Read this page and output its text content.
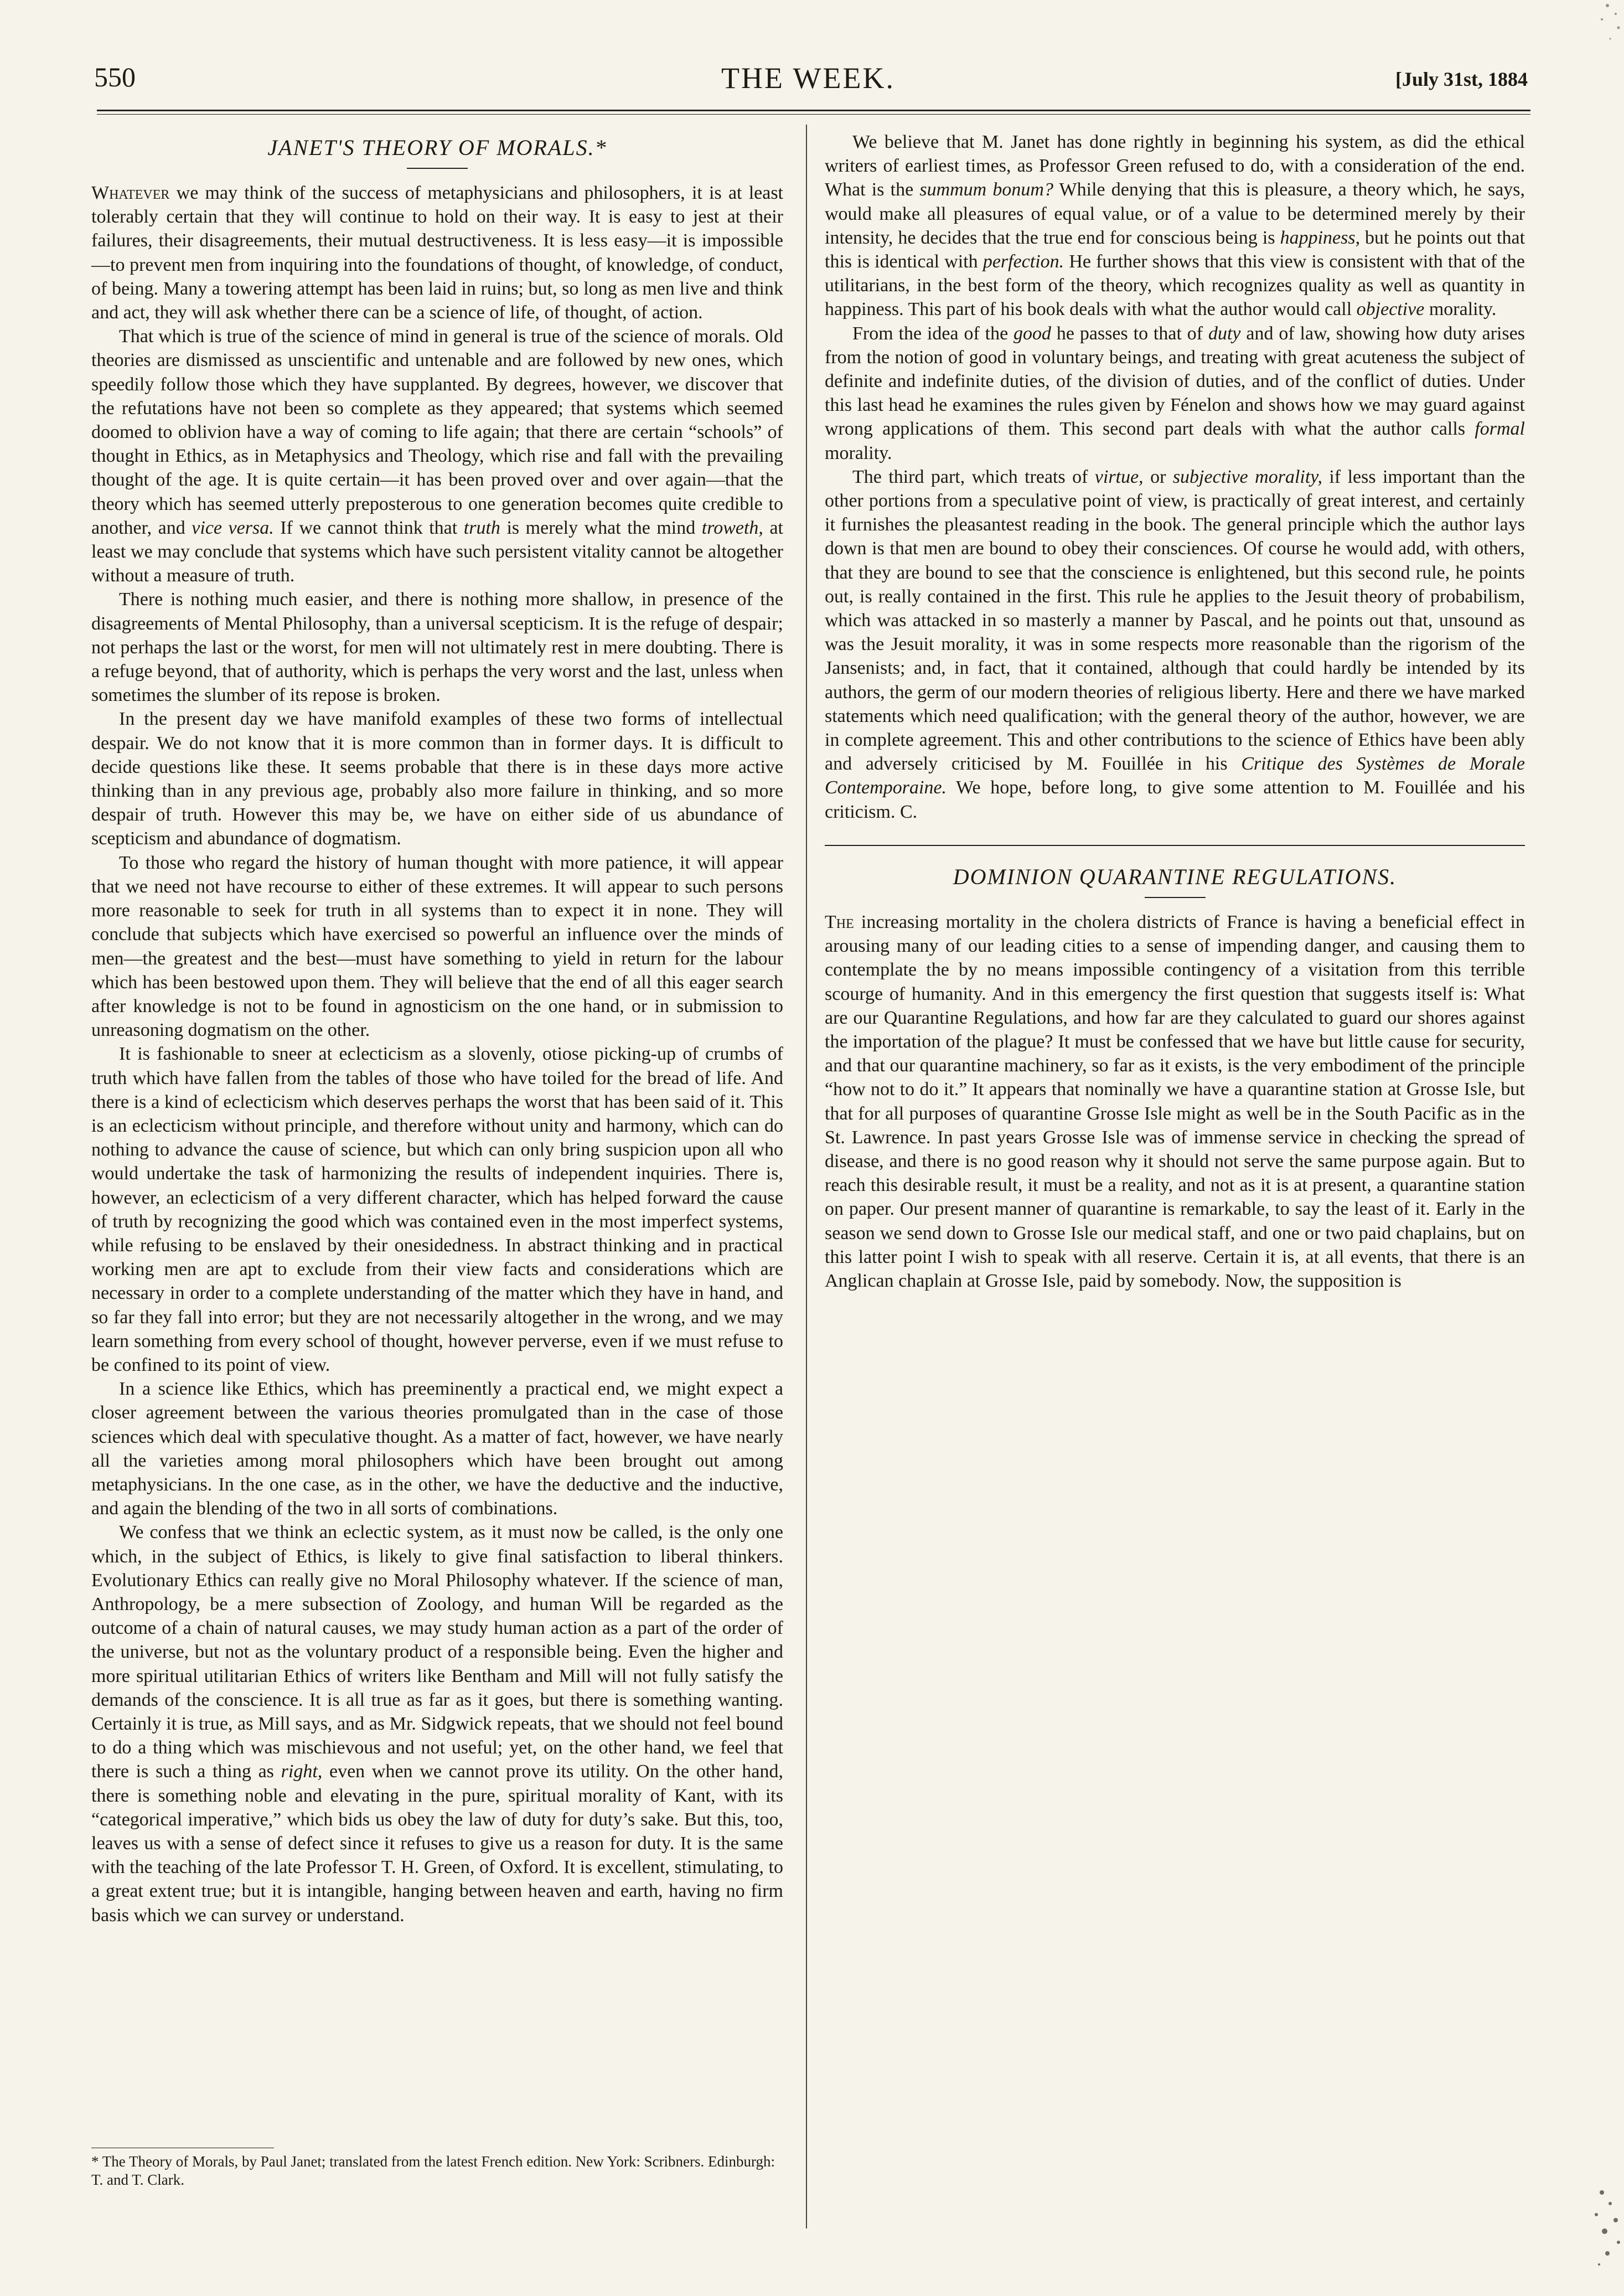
550	THE WEEK.	[July 31st, 1884
JANET'S THEORY OF MORALS.*

Whatever we may think of the success of metaphysicians and philosophers, it is at least tolerably certain that they will continue to hold on their way. It is easy to jest at their failures, their disagreements, their mutual destructiveness. It is less easy—it is impossible—to prevent men from inquiring into the foundations of thought, of knowledge, of conduct, of being. Many a towering attempt has been laid in ruins; but, so long as men live and think and act, they will ask whether there can be a science of life, of thought, of action.

That which is true of the science of mind in general is true of the science of morals. Old theories are dismissed as unscientific and untenable and are followed by new ones, which speedily follow those which they have supplanted. By degrees, however, we discover that the refutations have not been so complete as they appeared; that systems which seemed doomed to oblivion have a way of coming to life again; that there are certain “schools” of thought in Ethics, as in Metaphysics and Theology, which rise and fall with the prevailing thought of the age. It is quite certain—it has been proved over and over again—that the theory which has seemed utterly preposterous to one generation becomes quite credible to another, and vice versa. If we cannot think that truth is merely what the mind troweth, at least we may conclude that systems which have such persistent vitality cannot be altogether without a measure of truth.

There is nothing much easier, and there is nothing more shallow, in presence of the disagreements of Mental Philosophy, than a universal scepticism. It is the refuge of despair; not perhaps the last or the worst, for men will not ultimately rest in mere doubting. There is a refuge beyond, that of authority, which is perhaps the very worst and the last, unless when sometimes the slumber of its repose is broken.

In the present day we have manifold examples of these two forms of intellectual despair. We do not know that it is more common than in former days. It is difficult to decide questions like these. It seems probable that there is in these days more active thinking than in any previous age, probably also more failure in thinking, and so more despair of truth. However this may be, we have on either side of us abundance of scepticism and abundance of dogmatism.

To those who regard the history of human thought with more patience, it will appear that we need not have recourse to either of these extremes. It will appear to such persons more reasonable to seek for truth in all systems than to expect it in none. They will conclude that subjects which have exercised so powerful an influence over the minds of men—the greatest and the best—must have something to yield in return for the labour which has been bestowed upon them. They will believe that the end of all this eager search after knowledge is not to be found in agnosticism on the one hand, or in submission to unreasoning dogmatism on the other.

It is fashionable to sneer at eclecticism as a slovenly, otiose picking-up of crumbs of truth which have fallen from the tables of those who have toiled for the bread of life. And there is a kind of eclecticism which deserves perhaps the worst that has been said of it. This is an eclecticism without principle, and therefore without unity and harmony, which can do nothing to advance the cause of science, but which can only bring suspicion upon all who would undertake the task of harmonizing the results of independent inquiries. There is, however, an eclecticism of a very different character, which has helped forward the cause of truth by recognizing the good which was contained even in the most imperfect systems, while refusing to be enslaved by their onesidedness. In abstract thinking and in practical working men are apt to exclude from their view facts and considerations which are necessary in order to a complete understanding of the matter which they have in hand, and so far they fall into error; but they are not necessarily altogether in the wrong, and we may learn something from every school of thought, however perverse, even if we must refuse to be confined to its point of view.

In a science like Ethics, which has preeminently a practical end, we might expect a closer agreement between the various theories promulgated than in the case of those sciences which deal with speculative thought. As a matter of fact, however, we have nearly all the varieties among moral philosophers which have been brought out among metaphysicians. In the one case, as in the other, we have the deductive and the inductive, and again the blending of the two in all sorts of combinations.

We confess that we think an eclectic system, as it must now be called, is the only one which, in the subject of Ethics, is likely to give final satisfaction to liberal thinkers. Evolutionary Ethics can really give no Moral Philosophy whatever. If the science of man, Anthropology, be a mere subsection of Zoology, and human Will be regarded as the outcome of a chain of natural causes, we may study human action as a part of the order of the universe, but not as the voluntary product of a responsible being. Even the higher and more spiritual utilitarian Ethics of writers like Bentham and Mill will not fully satisfy the demands of the conscience. It is all true as far as it goes, but there is something wanting. Certainly it is true, as Mill says, and as Mr. Sidgwick repeats, that we should not feel bound to do a thing which was mischievous and not useful; yet, on the other hand, we feel that there is such a thing as right, even when we cannot prove its utility. On the other hand, there is something noble and elevating in the pure, spiritual morality of Kant, with its “categorical imperative,” which bids us obey the law of duty for duty’s sake. But this, too, leaves us with a sense of defect since it refuses to give us a reason for duty. It is the same with the teaching of the late Professor T. H. Green, of Oxford. It is excellent, stimulating, to a great extent true; but it is intangible, hanging between heaven and earth, having no firm basis which we can survey or understand.

We believe that M. Janet has done rightly in beginning his system, as did the ethical writers of earliest times, as Professor Green refused to do, with a consideration of the end. What is the summum bonum? While denying that this is pleasure, a theory which, he says, would make all pleasures of equal value, or of a value to be determined merely by their intensity, he decides that the true end for conscious being is happiness, but he points out that this is identical with perfection. He further shows that this view is consistent with that of the utilitarians, in the best form of the theory, which recognizes quality as well as quantity in happiness. This part of his book deals with what the author would call objective morality.

From the idea of the good he passes to that of duty and of law, showing how duty arises from the notion of good in voluntary beings, and treating with great acuteness the subject of definite and indefinite duties, of the division of duties, and of the conflict of duties. Under this last head he examines the rules given by Fénelon and shows how we may guard against wrong applications of them. This second part deals with what the author calls formal morality.

The third part, which treats of virtue, or subjective morality, if less important than the other portions from a speculative point of view, is practically of great interest, and certainly it furnishes the pleasantest reading in the book. The general principle which the author lays down is that men are bound to obey their consciences. Of course he would add, with others, that they are bound to see that the conscience is enlightened, but this second rule, he points out, is really contained in the first. This rule he applies to the Jesuit theory of probabilism, which was attacked in so masterly a manner by Pascal, and he points out that, unsound as was the Jesuit morality, it was in some respects more reasonable than the rigorism of the Jansenists; and, in fact, that it contained, although that could hardly be intended by its authors, the germ of our modern theories of religious liberty. Here and there we have marked statements which need qualification; with the general theory of the author, however, we are in complete agreement. This and other contributions to the science of Ethics have been ably and adversely criticised by M. Fouillée in his Critique des Systèmes de Morale Contemporaine. We hope, before long, to give some attention to M. Fouillée and his criticism. C.

DOMINION QUARANTINE REGULATIONS.

The increasing mortality in the cholera districts of France is having a beneficial effect in arousing many of our leading cities to a sense of impending danger, and causing them to contemplate the by no means impossible contingency of a visitation from this terrible scourge of humanity. And in this emergency the first question that suggests itself is: What are our Quarantine Regulations, and how far are they calculated to guard our shores against the importation of the plague? It must be confessed that we have but little cause for security, and that our quarantine machinery, so far as it exists, is the very embodiment of the principle “how not to do it.” It appears that nominally we have a quarantine station at Grosse Isle, but that for all purposes of quarantine Grosse Isle might as well be in the South Pacific as in the St. Lawrence. In past years Grosse Isle was of immense service in checking the spread of disease, and there is no good reason why it should not serve the same purpose again. But to reach this desirable result, it must be a reality, and not as it is at present, a quarantine station on paper. Our present manner of quarantine is remarkable, to say the least of it. Early in the season we send down to Grosse Isle our medical staff, and one or two paid chaplains, but on this latter point I wish to speak with all reserve. Certain it is, at all events, that there is an Anglican chaplain at Grosse Isle, paid by somebody. Now, the supposition is

* The Theory of Morals, by Paul Janet; translated from the latest French edition. New York: Scribners. Edinburgh: T. and T. Clark.
